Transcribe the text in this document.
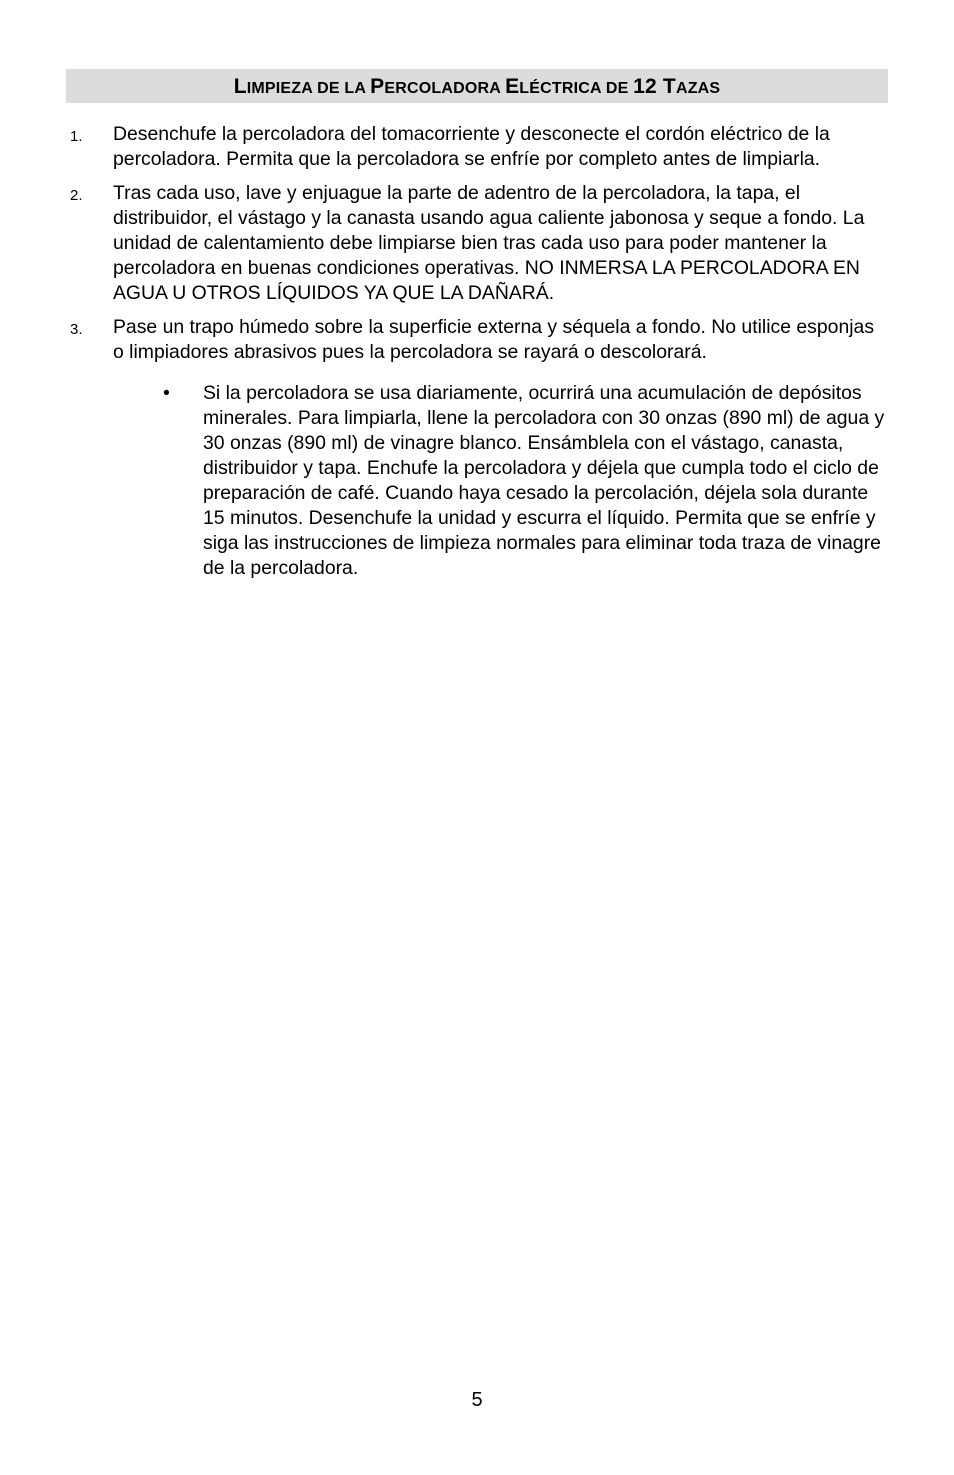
LIMPIEZA DE LA PERCOLADORA ELÉCTRICA DE 12 TAZAS
1. Desenchufe la percoladora del tomacorriente y desconecte el cordón eléctrico de la percoladora. Permita que la percoladora se enfríe por completo antes de limpiarla.
2. Tras cada uso, lave y enjuague la parte de adentro de la percoladora, la tapa, el distribuidor, el vástago y la canasta usando agua caliente jabonosa y seque a fondo. La unidad de calentamiento debe limpiarse bien tras cada uso para poder mantener la percoladora en buenas condiciones operativas. NO INMERSA LA PERCOLADORA EN AGUA U OTROS LÍQUIDOS YA QUE LA DAÑARÁ.
3. Pase un trapo húmedo sobre la superficie externa y séquela a fondo. No utilice esponjas o limpiadores abrasivos pues la percoladora se rayará o descolorará.
• Si la percoladora se usa diariamente, ocurrirá una acumulación de depósitos minerales. Para limpiarla, llene la percoladora con 30 onzas (890 ml) de agua y 30 onzas (890 ml) de vinagre blanco. Ensámblela con el vástago, canasta, distribuidor y tapa. Enchufe la percoladora y déjela que cumpla todo el ciclo de preparación de café. Cuando haya cesado la percolación, déjela sola durante 15 minutos. Desenchufe la unidad y escurra el líquido. Permita que se enfríe y siga las instrucciones de limpieza normales para eliminar toda traza de vinagre de la percoladora.
5
